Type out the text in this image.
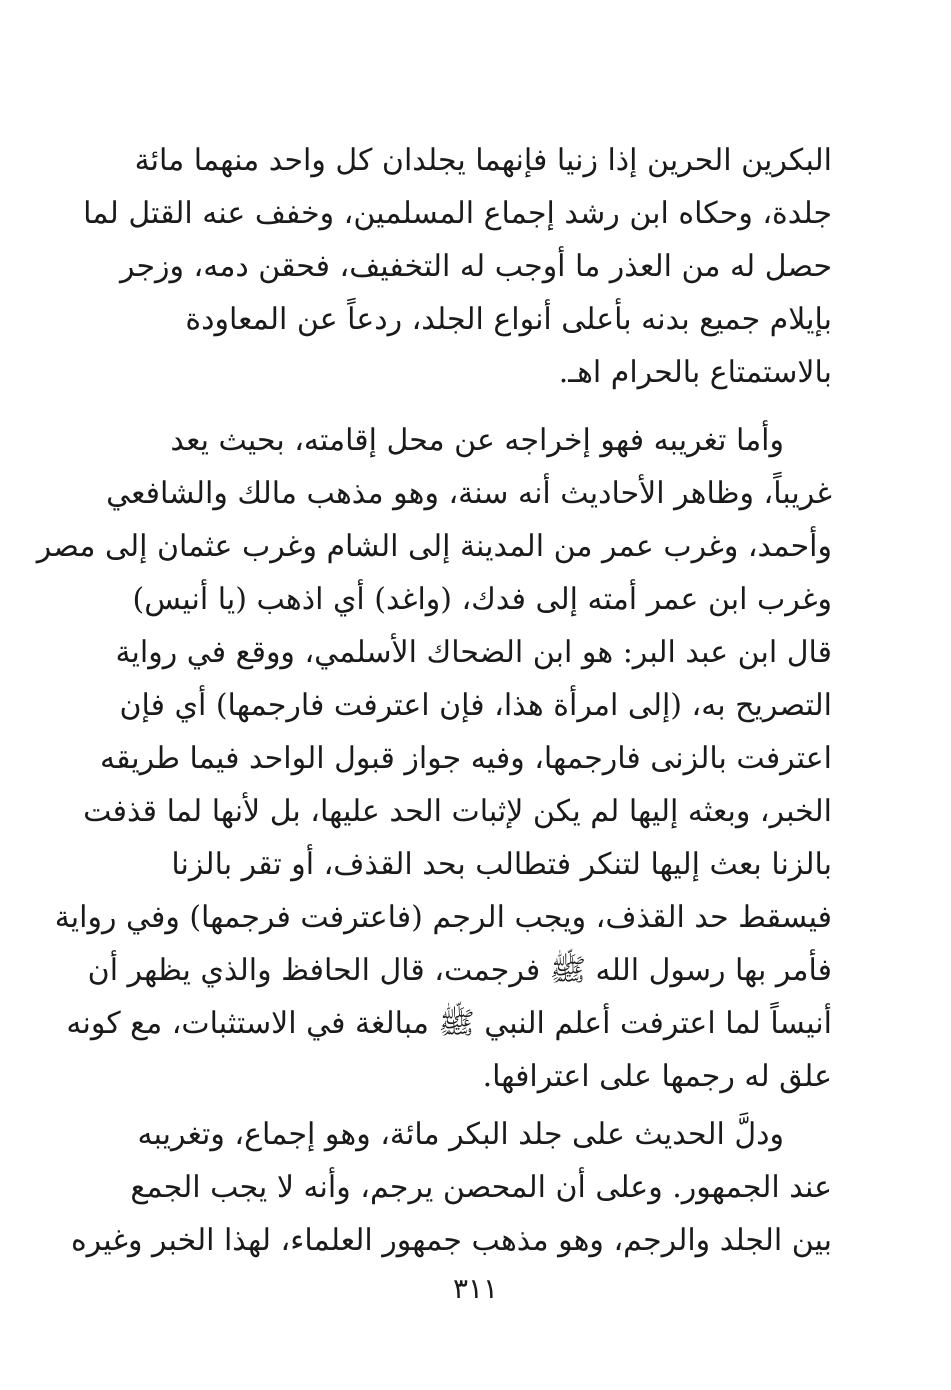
البكرين الحرين إذا زنيا فإنهما يجلدان كل واحد منهما مائة
جلدة، وحكاه ابن رشد إجماع المسلمين، وخفف عنه القتل لما
حصل له من العذر ما أوجب له التخفيف، فحقن دمه، وزجر
بإيلام جميع بدنه بأعلى أنواع الجلد، ردعاً عن المعاودة
بالاستمتاع بالحرام اهـ.
وأما تغريبه فهو إخراجه عن محل إقامته، بحيث يعد
غريباً، وظاهر الأحاديث أنه سنة، وهو مذهب مالك والشافعي
وأحمد، وغرب عمر من المدينة إلى الشام وغرب عثمان إلى مصر
وغرب ابن عمر أمته إلى فدك، (واغد) أي اذهب (يا أنيس)
قال ابن عبد البر: هو ابن الضحاك الأسلمي، ووقع في رواية
التصريح به، (إلى امرأة هذا، فإن اعترفت فارجمها) أي فإن
اعترفت بالزنى فارجمها، وفيه جواز قبول الواحد فيما طريقه
الخبر، وبعثه إليها لم يكن لإثبات الحد عليها، بل لأنها لما قذفت
بالزنا بعث إليها لتنكر فتطالب بحد القذف، أو تقر بالزنا
فيسقط حد القذف، ويجب الرجم (فاعترفت فرجمها) وفي رواية
فأمر بها رسول الله ﷺ فرجمت، قال الحافظ والذي يظهر أن
أنيساً لما اعترفت أعلم النبي ﷺ مبالغة في الاستثبات، مع كونه
علق له رجمها على اعترافها.
ودلَّ الحديث على جلد البكر مائة، وهو إجماع، وتغريبه
عند الجمهور. وعلى أن المحصن يرجم، وأنه لا يجب الجمع
بين الجلد والرجم، وهو مذهب جمهور العلماء، لهذا الخبر وغيره
٣١١
